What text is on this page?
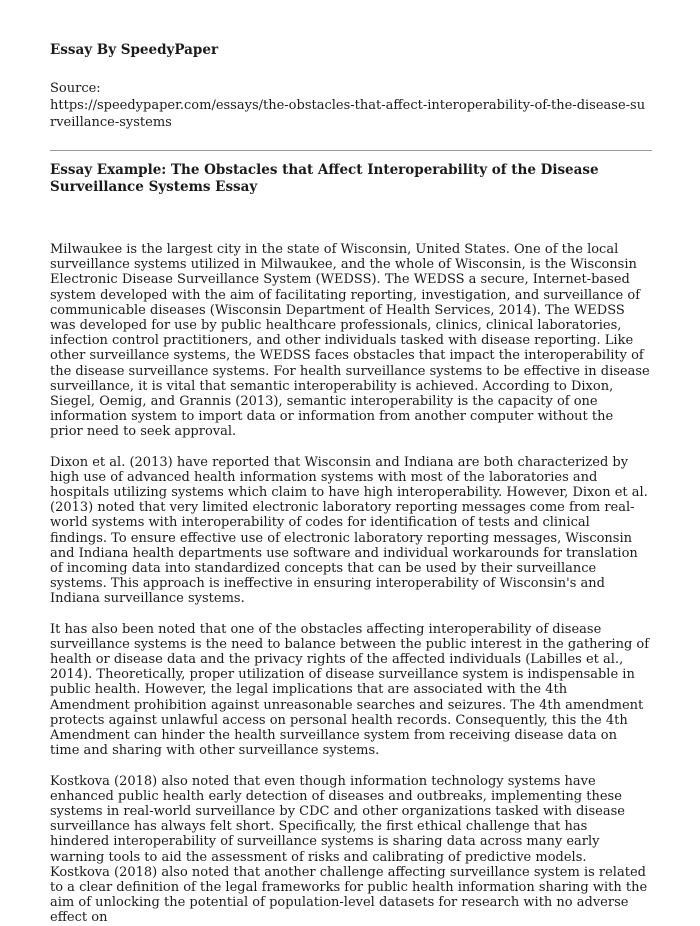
Essay By SpeedyPaper
Source:
https://speedypaper.com/essays/the-obstacles-that-affect-interoperability-of-the-disease-surveillance-systems
Essay Example: The Obstacles that Affect Interoperability of the Disease Surveillance Systems Essay

Milwaukee is the largest city in the state of Wisconsin, United States. One of the local surveillance systems utilized in Milwaukee, and the whole of Wisconsin, is the Wisconsin Electronic Disease Surveillance System (WEDSS). The WEDSS a secure, Internet-based system developed with the aim of facilitating reporting, investigation, and surveillance of communicable diseases (Wisconsin Department of Health Services, 2014). The WEDSS was developed for use by public healthcare professionals, clinics, clinical laboratories, infection control practitioners, and other individuals tasked with disease reporting. Like other surveillance systems, the WEDSS faces obstacles that impact the interoperability of the disease surveillance systems. For health surveillance systems to be effective in disease surveillance, it is vital that semantic interoperability is achieved. According to Dixon, Siegel, Oemig, and Grannis (2013), semantic interoperability is the capacity of one information system to import data or information from another computer without the prior need to seek approval.

Dixon et al. (2013) have reported that Wisconsin and Indiana are both characterized by high use of advanced health information systems with most of the laboratories and hospitals utilizing systems which claim to have high interoperability. However, Dixon et al. (2013) noted that very limited electronic laboratory reporting messages come from real-world systems with interoperability of codes for identification of tests and clinical findings. To ensure effective use of electronic laboratory reporting messages, Wisconsin and Indiana health departments use software and individual workarounds for translation of incoming data into standardized concepts that can be used by their surveillance systems. This approach is ineffective in ensuring interoperability of Wisconsin's and Indiana surveillance systems.

It has also been noted that one of the obstacles affecting interoperability of disease surveillance systems is the need to balance between the public interest in the gathering of health or disease data and the privacy rights of the affected individuals (Labilles et al., 2014). Theoretically, proper utilization of disease surveillance system is indispensable in public health. However, the legal implications that are associated with the 4th Amendment prohibition against unreasonable searches and seizures. The 4th amendment protects against unlawful access on personal health records. Consequently, this the 4th Amendment can hinder the health surveillance system from receiving disease data on time and sharing with other surveillance systems.

Kostkova (2018) also noted that even though information technology systems have enhanced public health early detection of diseases and outbreaks, implementing these systems in real-world surveillance by CDC and other organizations tasked with disease surveillance has always felt short. Specifically, the first ethical challenge that has hindered interoperability of surveillance systems is sharing data across many early warning tools to aid the assessment of risks and calibrating of predictive models. Kostkova (2018) also noted that another challenge affecting surveillance system is related to a clear definition of the legal frameworks for public health information sharing with the aim of unlocking the potential of population-level datasets for research with no adverse effect on
